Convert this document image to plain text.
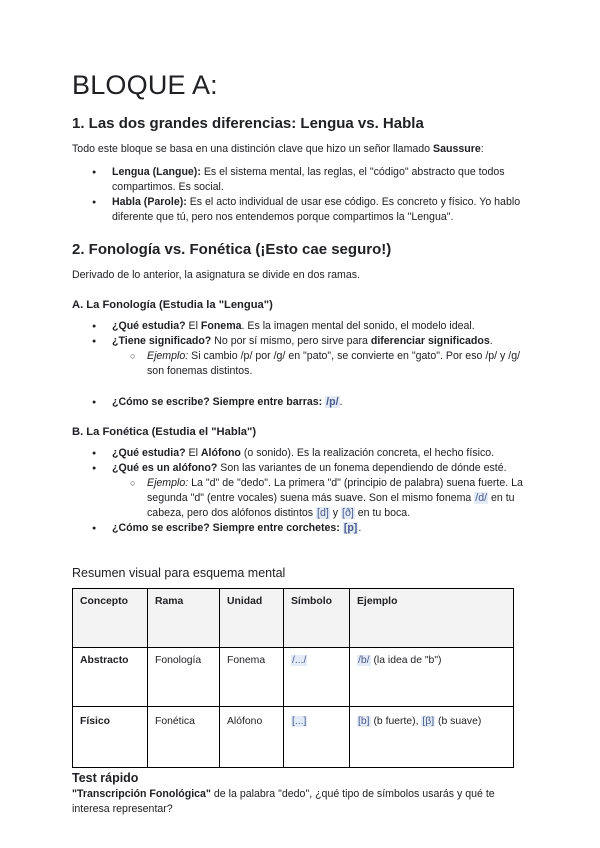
BLOQUE A:
1. Las dos grandes diferencias: Lengua vs. Habla

Todo este bloque se basa en una distinción clave que hizo un señor llamado Saussure:

● Lengua (Langue): Es el sistema mental, las reglas, el "código" abstracto que todos compartimos. Es social.
● Habla (Parole): Es el acto individual de usar ese código. Es concreto y físico. Yo hablo diferente que tú, pero nos entendemos porque compartimos la "Lengua".
2. Fonología vs. Fonética (¡Esto cae seguro!)

Derivado de lo anterior, la asignatura se divide en dos ramas.

A. La Fonología (Estudia la "Lengua")
● ¿Qué estudia? El Fonema. Es la imagen mental del sonido, el modelo ideal.
● ¿Tiene significado? No por sí mismo, pero sirve para diferenciar significados.
○ Ejemplo: Si cambio /p/ por /g/ en "pato", se convierte en "gato". Por eso /p/ y /g/ son fonemas distintos.
● ¿Cómo se escribe? Siempre entre barras: /p/.
B. La Fonética (Estudia el "Habla")
● ¿Qué estudia? El Alófono (o sonido). Es la realización concreta, el hecho físico.
● ¿Qué es un alófono? Son las variantes de un fonema dependiendo de dónde esté.
○ Ejemplo: La "d" de "dedo". La primera "d" (principio de palabra) suena fuerte. La segunda "d" (entre vocales) suena más suave. Son el mismo fonema /d/ en tu cabeza, pero dos alófonos distintos [d] y [ð] en tu boca.
● ¿Cómo se escribe? Siempre entre corchetes: [p].

Resumen visual para esquema mental

Concepto	Rama	Unidad	Símbolo	Ejemplo
Abstracto	Fonología	Fonema	/.../	/b/ (la idea de "b")
Físico	Fonética	Alófono	[...]	[b] (b fuerte), [β] (b suave)

Test rápido

"Transcripción Fonológica" de la palabra "dedo", ¿qué tipo de símbolos usarás y qué te interesa representar?
